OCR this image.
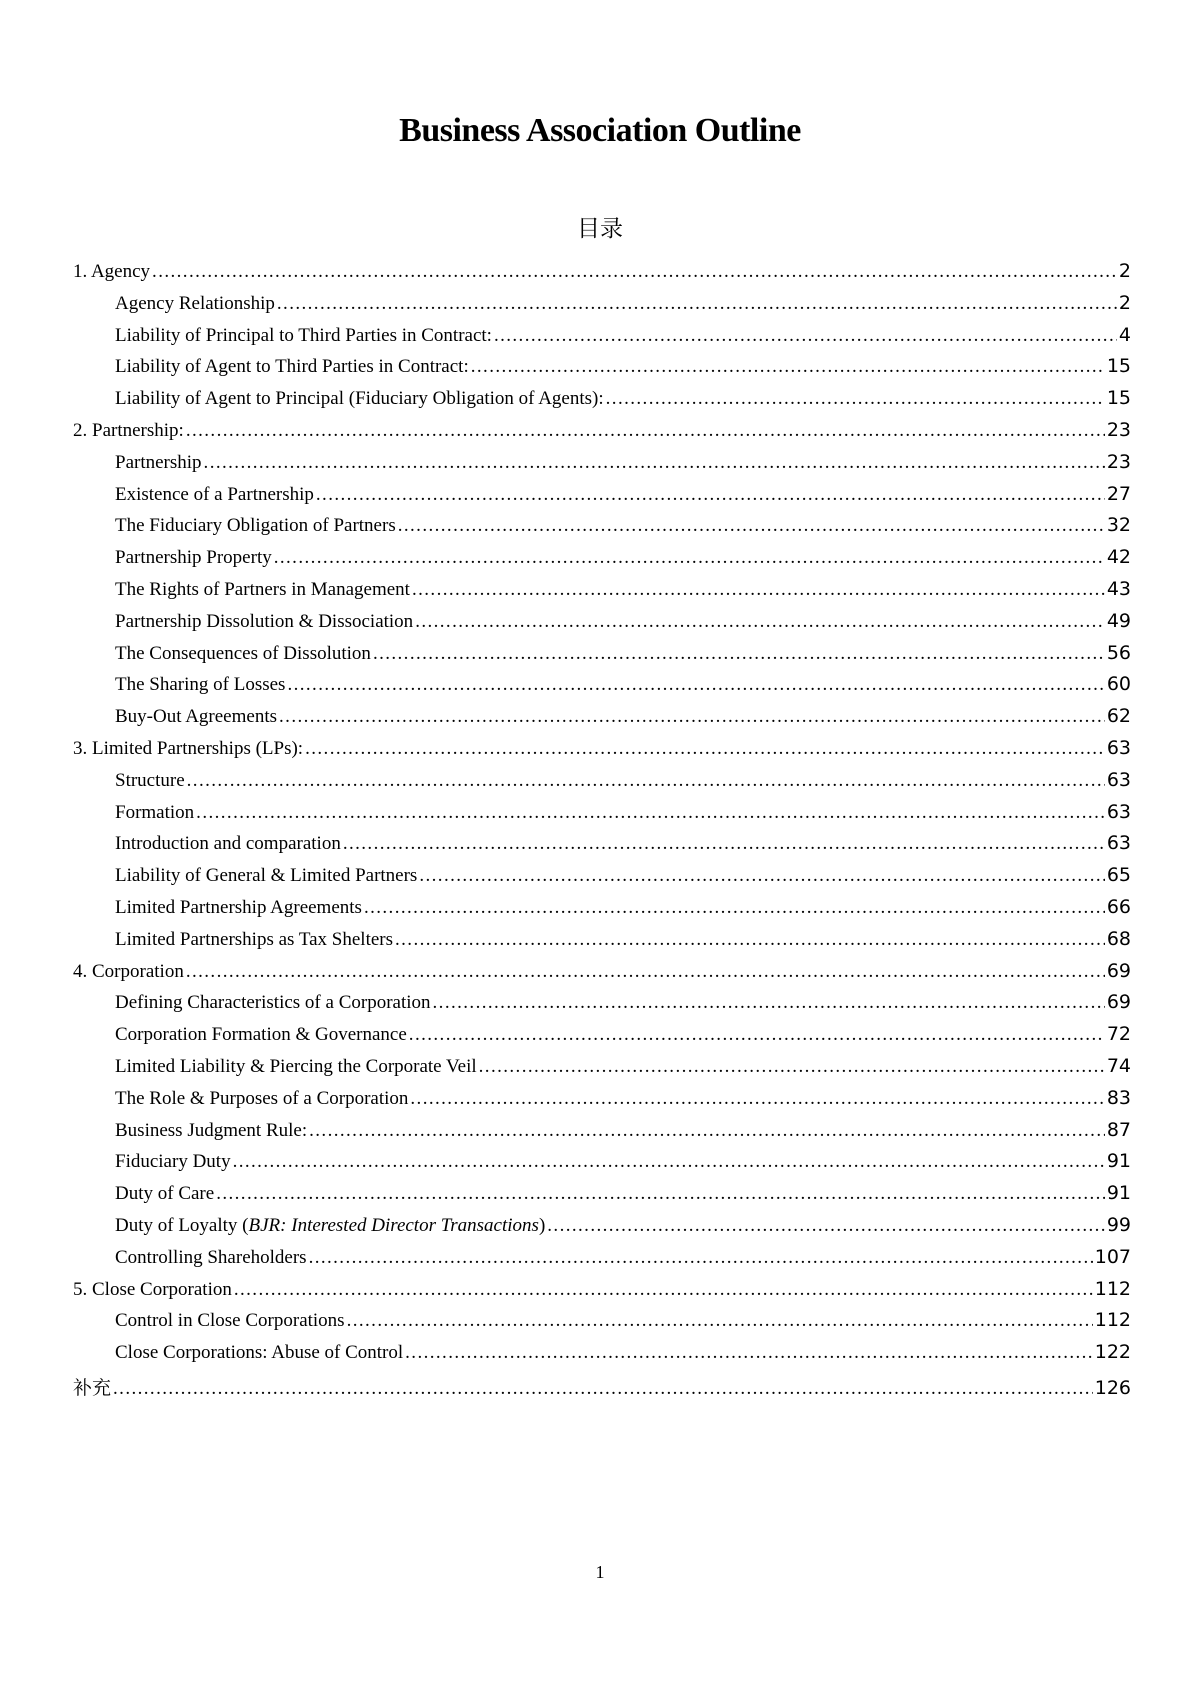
Business Association Outline
目录
1. Agency .....	2
Agency Relationship .....	2
Liability of Principal to Third Parties in Contract: .....	4
Liability of Agent to Third Parties in Contract: .....	15
Liability of Agent to Principal (Fiduciary Obligation of Agents): .....	15
2. Partnership: .....	23
Partnership .....	23
Existence of a Partnership .....	27
The Fiduciary Obligation of Partners .....	32
Partnership Property .....	42
The Rights of Partners in Management .....	43
Partnership Dissolution & Dissociation .....	49
The Consequences of Dissolution .....	56
The Sharing of Losses .....	60
Buy-Out Agreements .....	62
3. Limited Partnerships (LPs): .....	63
Structure .....	63
Formation .....	63
Introduction and comparation .....	63
Liability of General & Limited Partners .....	65
Limited Partnership Agreements .....	66
Limited Partnerships as Tax Shelters .....	68
4. Corporation .....	69
Defining Characteristics of a Corporation .....	69
Corporation Formation & Governance .....	72
Limited Liability & Piercing the Corporate Veil .....	74
The Role & Purposes of a Corporation .....	83
Business Judgment Rule: .....	87
Fiduciary Duty .....	91
Duty of Care .....	91
Duty of Loyalty (BJR: Interested Director Transactions) .....	99
Controlling Shareholders .....	107
5. Close Corporation .....	112
Control in Close Corporations .....	112
Close Corporations: Abuse of Control .....	122
补充 .....	126
1
